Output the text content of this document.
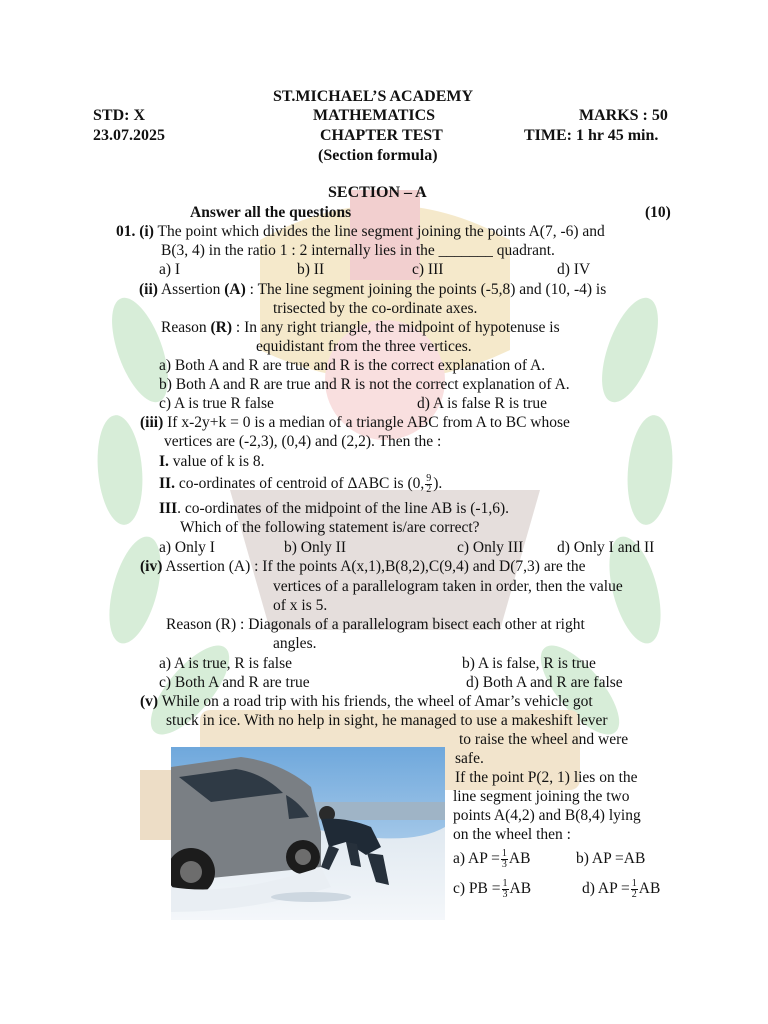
ST.MICHAEL’S ACADEMY
STD: X	MATHEMATICS	MARKS : 50
23.07.2025	CHAPTER TEST	TIME: 1 hr 45 min.
(Section formula)
SECTION – A
Answer all the questions	(10)
01. (i) The point which divides the line segment joining the points A(7, -6) and
B(3, 4) in the ratio 1 : 2 internally lies in the _______ quadrant.
a) I	b) II	c) III	d) IV
(ii) Assertion (A) : The line segment joining the points (-5,8) and (10, -4) is
trisected by the co-ordinate axes.
Reason (R) : In any right triangle, the midpoint of hypotenuse is
equidistant from the three vertices.
a) Both A and R are true and R is the correct explanation of A.
b) Both A and R are true and R is not the correct explanation of A.
c) A is true R false	d) A is false R is true
(iii) If x-2y+k = 0 is a median of a triangle ABC from A to BC whose
vertices are (-2,3), (0,4) and (2,2). Then the :
I. value of k is 8.
II. co-ordinates of centroid of ΔABC is (0, $\frac{9}{2}$ ).
III. co-ordinates of the midpoint of the line AB is (-1,6).
Which of the following statement is/are correct?
a) Only I	b) Only II	c) Only III d) Only I and II
(iv) Assertion (A) : If the points A(x,1),B(8,2),C(9,4) and D(7,3) are the
vertices of a parallelogram taken in order, then the value
of x is 5.
Reason (R) : Diagonals of a parallelogram bisect each other at right
angles.
a) A is true, R is false	b) A is false, R is true
c) Both A and R are true	d) Both A and R are false
(v) While on a road trip with his friends, the wheel of Amar’s vehicle got
stuck in ice. With no help in sight, he managed to use a makeshift lever
to raise the wheel and were
safe.
If the point P(2, 1) lies on the
line segment joining the two
points A(4,2) and B(8,4) lying
on the wheel then :
a) AP = $\frac{1}{3}$ AB	b) AP =AB
c) PB = $\frac{1}{3}$ AB	d) AP = $\frac{1}{2}$ AB
